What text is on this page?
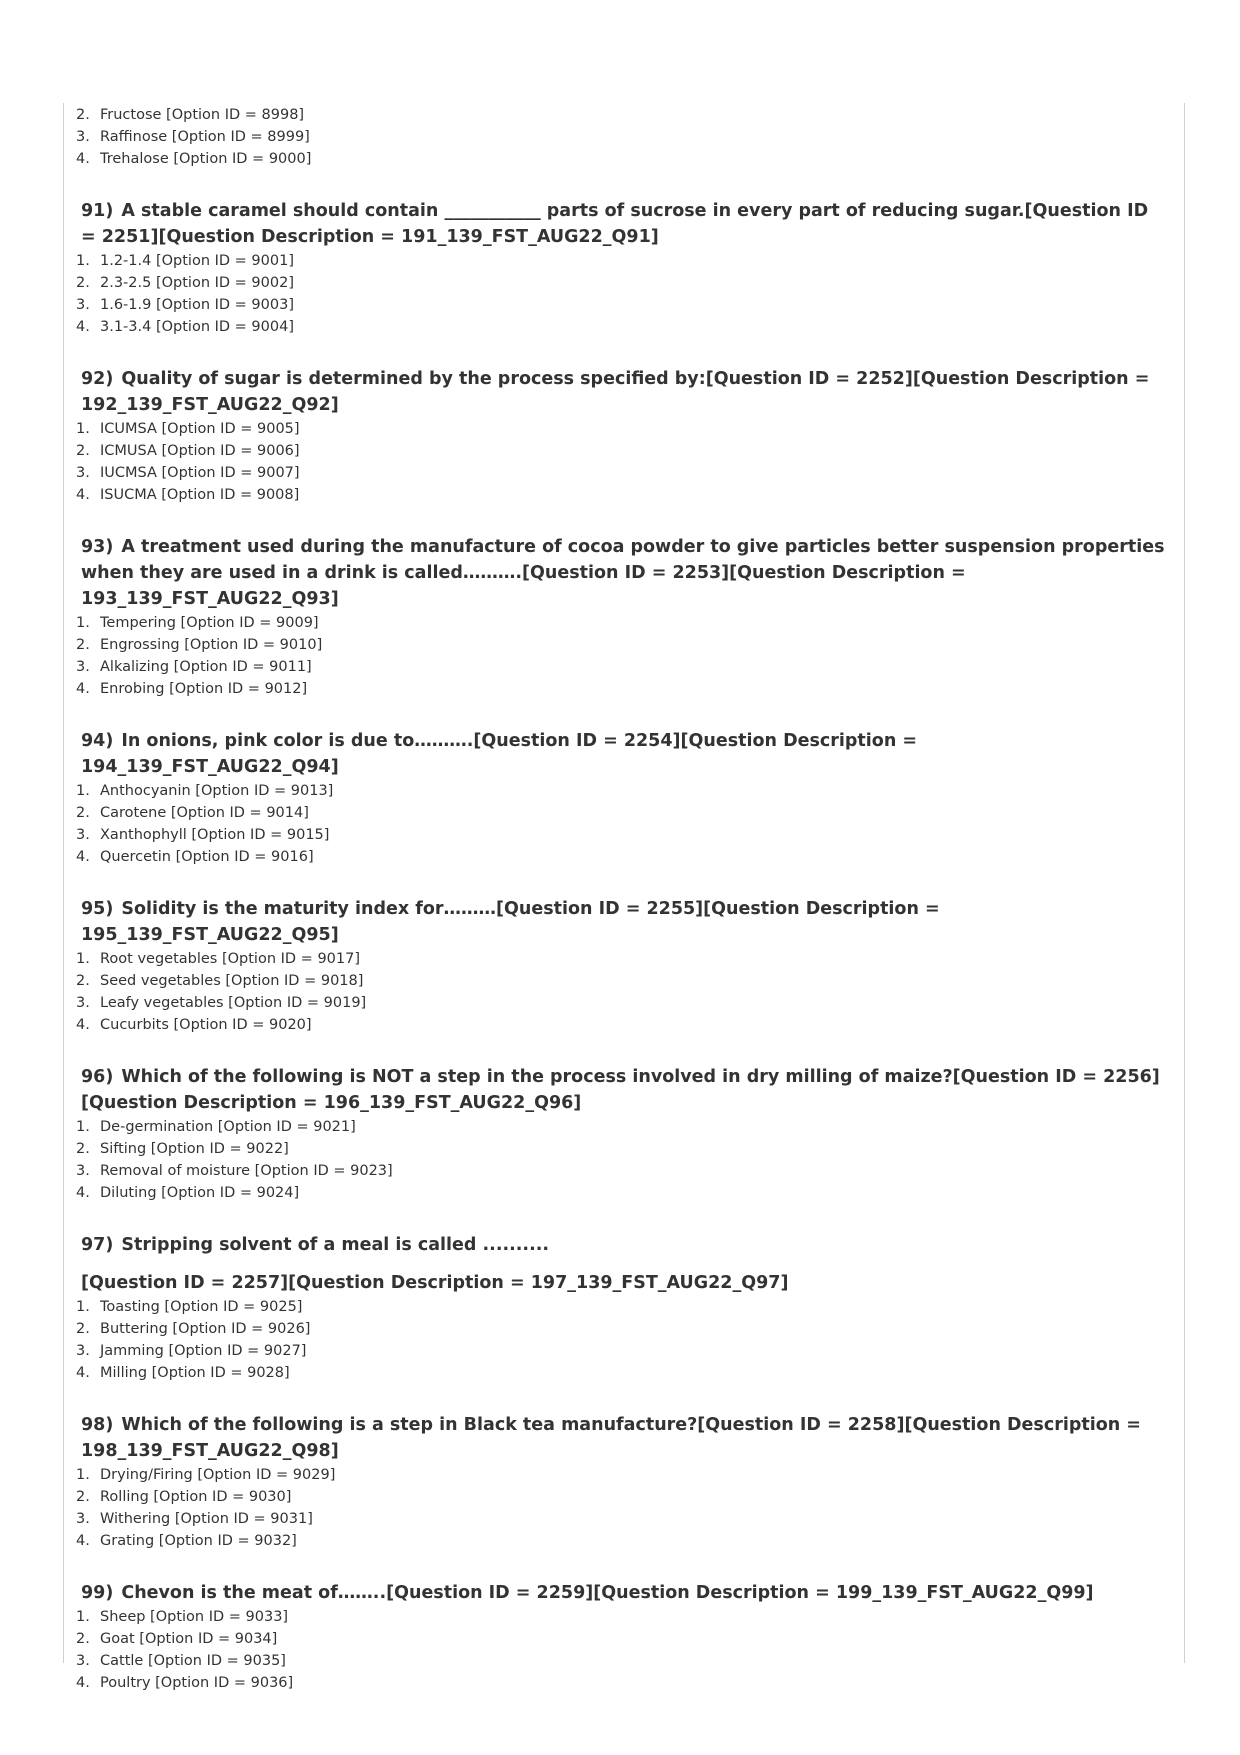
2. Fructose [Option ID = 8998]
3. Raffinose [Option ID = 8999]
4. Trehalose [Option ID = 9000]
91) A stable caramel should contain ___________ parts of sucrose in every part of reducing sugar.[Question ID = 2251][Question Description = 191_139_FST_AUG22_Q91]
1. 1.2-1.4 [Option ID = 9001]
2. 2.3-2.5 [Option ID = 9002]
3. 1.6-1.9 [Option ID = 9003]
4. 3.1-3.4 [Option ID = 9004]
92) Quality of sugar is determined by the process specified by:[Question ID = 2252][Question Description = 192_139_FST_AUG22_Q92]
1. ICUMSA [Option ID = 9005]
2. ICMUSA [Option ID = 9006]
3. IUCMSA [Option ID = 9007]
4. ISUCMA [Option ID = 9008]
93) A treatment used during the manufacture of cocoa powder to give particles better suspension properties when they are used in a drink is called……….[Question ID = 2253][Question Description = 193_139_FST_AUG22_Q93]
1. Tempering [Option ID = 9009]
2. Engrossing [Option ID = 9010]
3. Alkalizing [Option ID = 9011]
4. Enrobing [Option ID = 9012]
94) In onions, pink color is due to……….[Question ID = 2254][Question Description = 194_139_FST_AUG22_Q94]
1. Anthocyanin [Option ID = 9013]
2. Carotene [Option ID = 9014]
3. Xanthophyll [Option ID = 9015]
4. Quercetin [Option ID = 9016]
95) Solidity is the maturity index for………[Question ID = 2255][Question Description = 195_139_FST_AUG22_Q95]
1. Root vegetables [Option ID = 9017]
2. Seed vegetables [Option ID = 9018]
3. Leafy vegetables [Option ID = 9019]
4. Cucurbits [Option ID = 9020]
96) Which of the following is NOT a step in the process involved in dry milling of maize?[Question ID = 2256][Question Description = 196_139_FST_AUG22_Q96]
1. De-germination [Option ID = 9021]
2. Sifting [Option ID = 9022]
3. Removal of moisture [Option ID = 9023]
4. Diluting [Option ID = 9024]
97) Stripping solvent of a meal is called ..........
[Question ID = 2257][Question Description = 197_139_FST_AUG22_Q97]
1. Toasting [Option ID = 9025]
2. Buttering [Option ID = 9026]
3. Jamming [Option ID = 9027]
4. Milling [Option ID = 9028]
98) Which of the following is a step in Black tea manufacture?[Question ID = 2258][Question Description = 198_139_FST_AUG22_Q98]
1. Drying/Firing [Option ID = 9029]
2. Rolling [Option ID = 9030]
3. Withering [Option ID = 9031]
4. Grating [Option ID = 9032]
99) Chevon is the meat of……..[Question ID = 2259][Question Description = 199_139_FST_AUG22_Q99]
1. Sheep [Option ID = 9033]
2. Goat [Option ID = 9034]
3. Cattle [Option ID = 9035]
4. Poultry [Option ID = 9036]
